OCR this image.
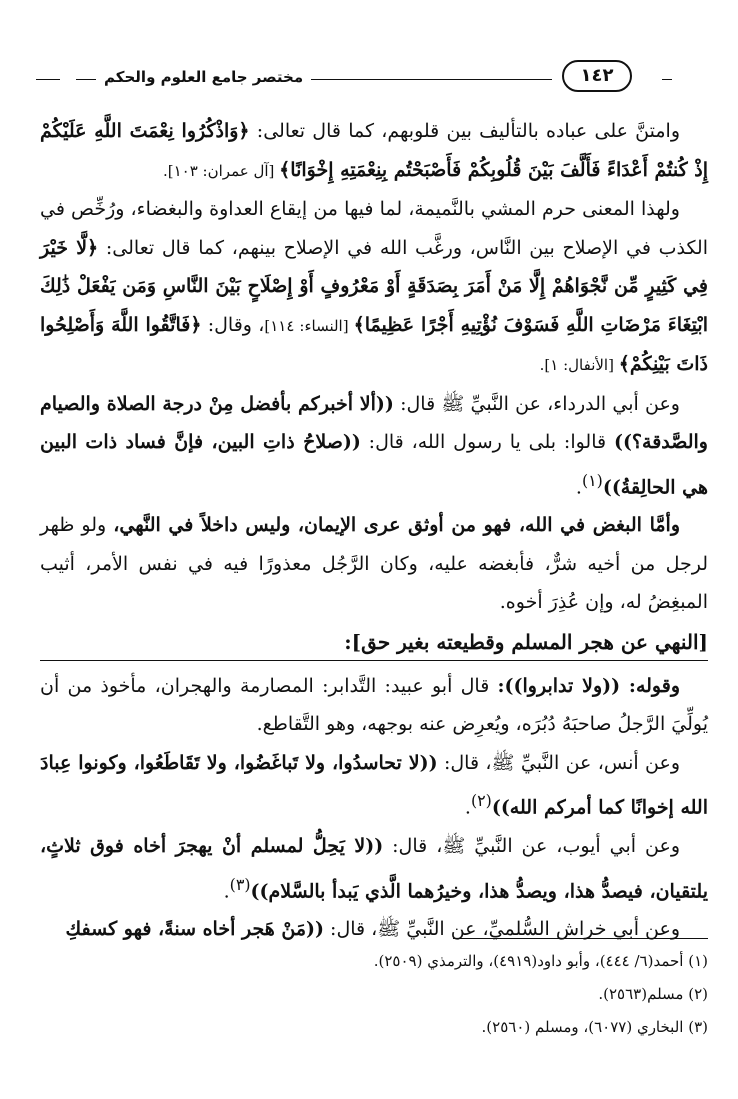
١٤٢
مختصر جامع العلوم والحكم

وامتنَّ على عباده بالتأليف بين قلوبهم، كما قال تعالى: ﴿وَاذْكُرُوا نِعْمَتَ اللَّهِ عَلَيْكُمْ إِذْ كُنتُمْ أَعْدَاءً فَأَلَّفَ بَيْنَ قُلُوبِكُمْ فَأَصْبَحْتُم بِنِعْمَتِهِ إِخْوَانًا﴾ [آل عمران: ١٠٣].

ولهذا المعنى حرم المشي بالنَّميمة، لما فيها من إيقاع العداوة والبغضاء، ورُخِّص في الكذب في الإصلاح بين النَّاس، ورغَّب الله في الإصلاح بينهم، كما قال تعالى: ﴿لَّا خَيْرَ فِي كَثِيرٍ مِّن نَّجْوَاهُمْ إِلَّا مَنْ أَمَرَ بِصَدَقَةٍ أَوْ مَعْرُوفٍ أَوْ إِصْلَاحٍ بَيْنَ النَّاسِ وَمَن يَفْعَلْ ذَٰلِكَ ابْتِغَاءَ مَرْضَاتِ اللَّهِ فَسَوْفَ نُؤْتِيهِ أَجْرًا عَظِيمًا﴾ [النساء: ١١٤]، وقال: ﴿فَاتَّقُوا اللَّهَ وَأَصْلِحُوا ذَاتَ بَيْنِكُمْ﴾ [الأنفال: ١].

وعن أبي الدرداء، عن النَّبيِّ ﷺ قال: ((ألا أخبركم بأفضل مِنْ درجة الصلاة والصيام والصَّدقة؟)) قالوا: بلى يا رسول الله، قال: ((صلاحُ ذاتِ البين، فإنَّ فساد ذات البين هي الحالِقةُ))$^{(١)}$.

وأمَّا البغض في الله، فهو من أوثق عرى الإيمان، وليس داخلاً في النَّهي، ولو ظهر لرجل من أخيه شرٌّ، فأبغضه عليه، وكان الرَّجُل معذورًا فيه في نفس الأمر، أثيب المبغِضُ له، وإن عُذِرَ أخوه.

[النهي عن هجر المسلم وقطيعته بغير حق]:

وقوله: ((ولا تدابروا)): قال أبو عبيد: التَّدابر: المصارمة والهجران، مأخوذ من أن يُولِّيَ الرَّجلُ صاحبَهُ دُبُرَه، ويُعرِض عنه بوجهه، وهو التَّقاطع.

وعن أنس، عن النَّبيِّ ﷺ، قال: ((لا تحاسدُوا، ولا تَباغَضُوا، ولا تَقَاطَعُوا، وكونوا عِبادَ الله إخوانًا كما أمركم الله))$^{(٢)}$.

وعن أبي أيوب، عن النَّبيِّ ﷺ، قال: ((لا يَحِلُّ لمسلم أنْ يهجرَ أخاه فوق ثلاثٍ، يلتقيان، فيصدُّ هذا، ويصدُّ هذا، وخيرُهما الَّذي يَبدأ بالسَّلام))$^{(٣)}$.

وعن أبي خراش السُّلميِّ، عن النَّبيِّ ﷺ، قال: ((مَنْ هَجر أخاه سنةً، فهو كسفكِ

(١) أحمد(٦/ ٤٤٤)، وأبو داود(٤٩١٩)، والترمذي (٢٥٠٩).
(٢) مسلم(٢٥٦٣).
(٣) البخاري (٦٠٧٧)، ومسلم (٢٥٦٠).
